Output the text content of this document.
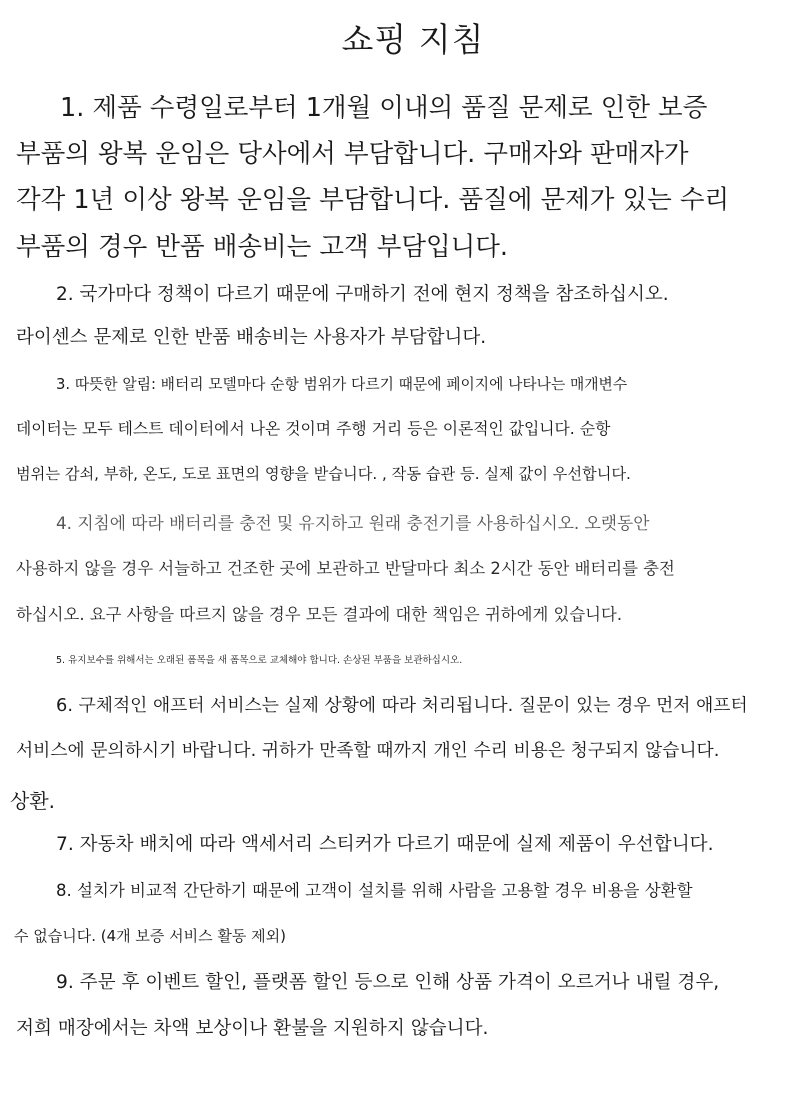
쇼핑 지침

1. 제품 수령일로부터 1개월 이내의 품질 문제로 인한 보증

부품의 왕복 운임은 당사에서 부담합니다. 구매자와 판매자가

각각 1년 이상 왕복 운임을 부담합니다. 품질에 문제가 있는 수리

부품의 경우 반품 배송비는 고객 부담입니다.

2. 국가마다 정책이 다르기 때문에 구매하기 전에 현지 정책을 참조하십시오.

라이센스 문제로 인한 반품 배송비는 사용자가 부담합니다.

3. 따뜻한 알림: 배터리 모델마다 순항 범위가 다르기 때문에 페이지에 나타나는 매개변수

데이터는 모두 테스트 데이터에서 나온 것이며 주행 거리 등은 이론적인 값입니다. 순항

범위는 감쇠, 부하, 온도, 도로 표면의 영향을 받습니다. , 작동 습관 등. 실제 값이 우선합니다.

4. 지침에 따라 배터리를 충전 및 유지하고 원래 충전기를 사용하십시오. 오랫동안

사용하지 않을 경우 서늘하고 건조한 곳에 보관하고 반달마다 최소 2시간 동안 배터리를 충전

하십시오. 요구 사항을 따르지 않을 경우 모든 결과에 대한 책임은 귀하에게 있습니다.

5. 유지보수를 위해서는 오래된 폼목을 새 폼목으로 교체해야 합니다. 손상된 부품을 보관하십시오.

6. 구체적인 애프터 서비스는 실제 상황에 따라 처리됩니다. 질문이 있는 경우 먼저 애프터

서비스에 문의하시기 바랍니다. 귀하가 만족할 때까지 개인 수리 비용은 청구되지 않습니다.

상환.

7. 자동차 배치에 따라 액세서리 스티커가 다르기 때문에 실제 제품이 우선합니다.

8. 설치가 비교적 간단하기 때문에 고객이 설치를 위해 사람을 고용할 경우 비용을 상환할

수 없습니다. (4개 보증 서비스 활동 제외)

9. 주문 후 이벤트 할인, 플랫폼 할인 등으로 인해 상품 가격이 오르거나 내릴 경우,

저희 매장에서는 차액 보상이나 환불을 지원하지 않습니다.
